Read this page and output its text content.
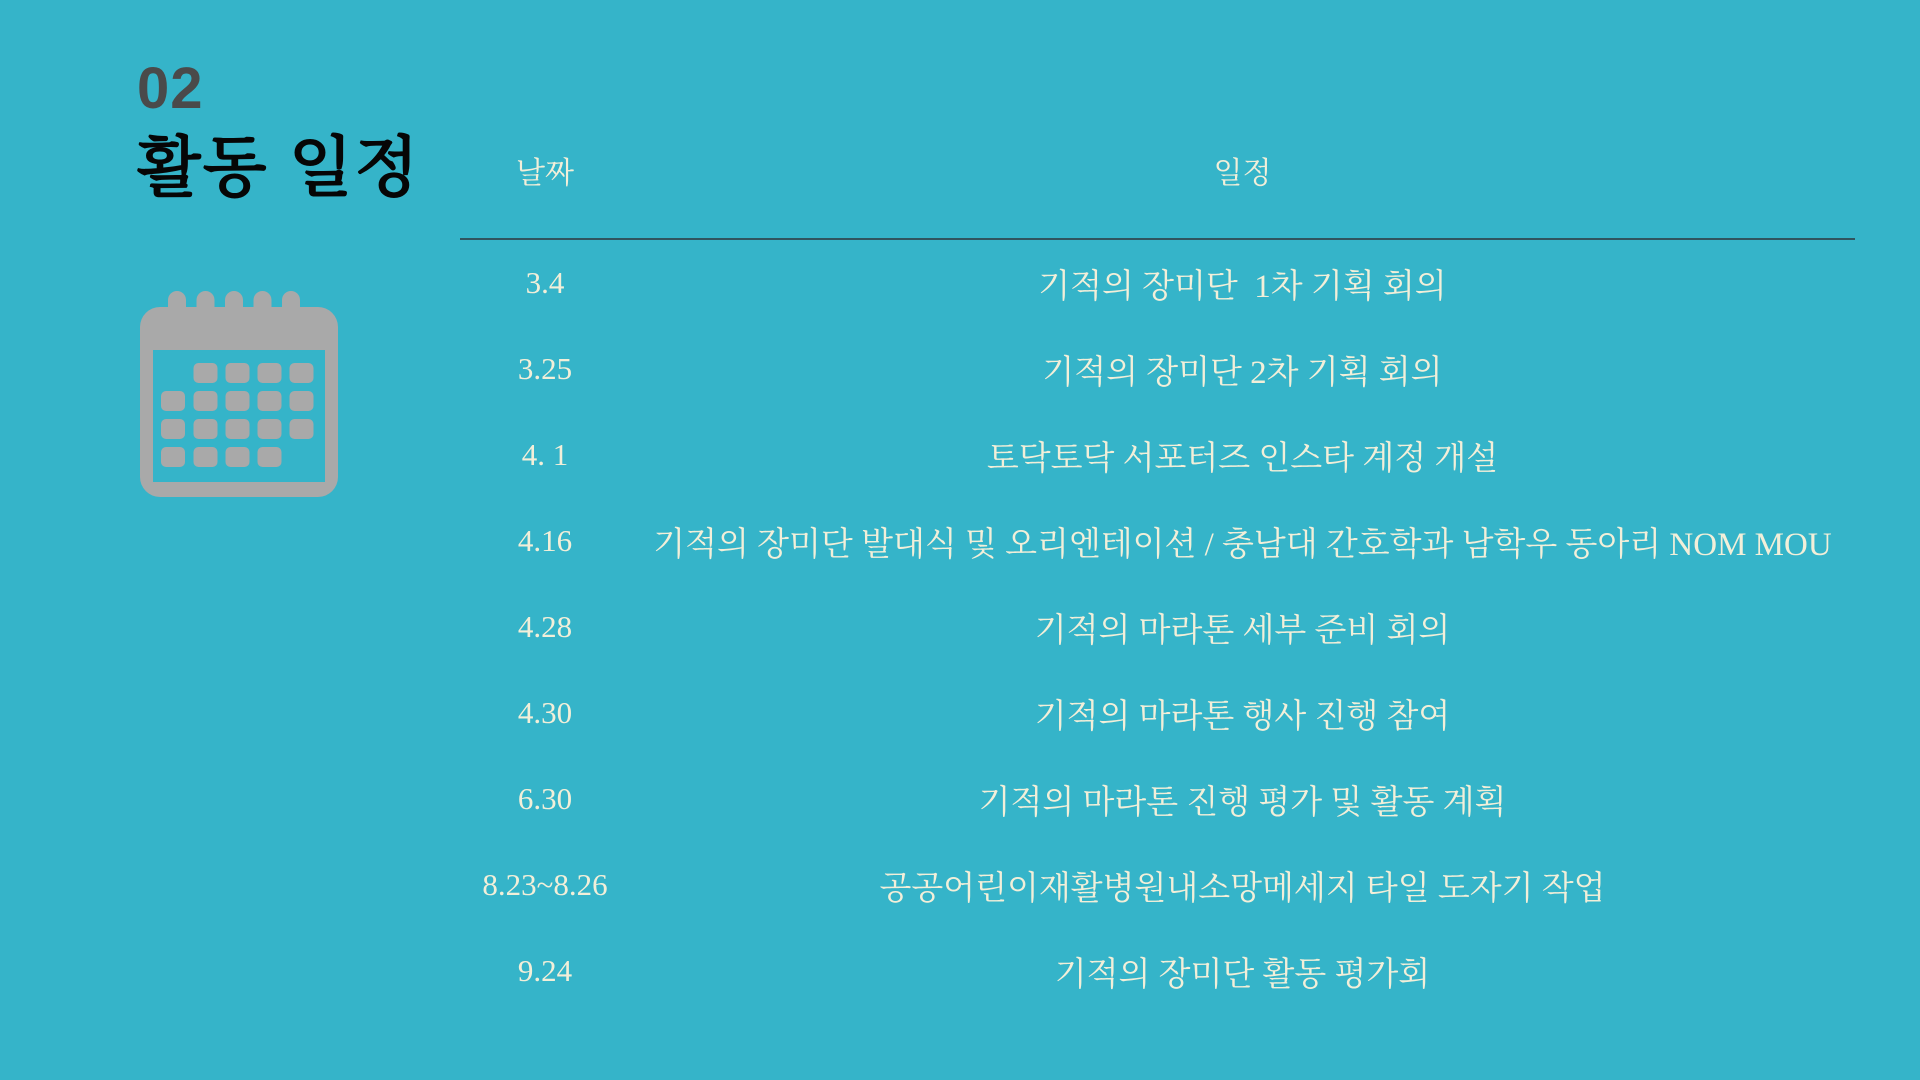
02
활동 일정	날짜	일정
3.4	기적의 장미단  1차 기획 회의
3.25	기적의 장미단 2차 기획 회의
4. 1	토닥토닥 서포터즈 인스타 계정 개설
4.16	기적의 장미단 발대식 및 오리엔테이션 / 충남대 간호학과 남학우 동아리 NOM MOU
4.28	기적의 마라톤 세부 준비 회의
4.30	기적의 마라톤 행사 진행 참여
6.30	기적의 마라톤 진행 평가 및 활동 계획
8.23~8.26	공공어린이재활병원내소망메세지 타일 도자기 작업
9.24	기적의 장미단 활동 평가회
